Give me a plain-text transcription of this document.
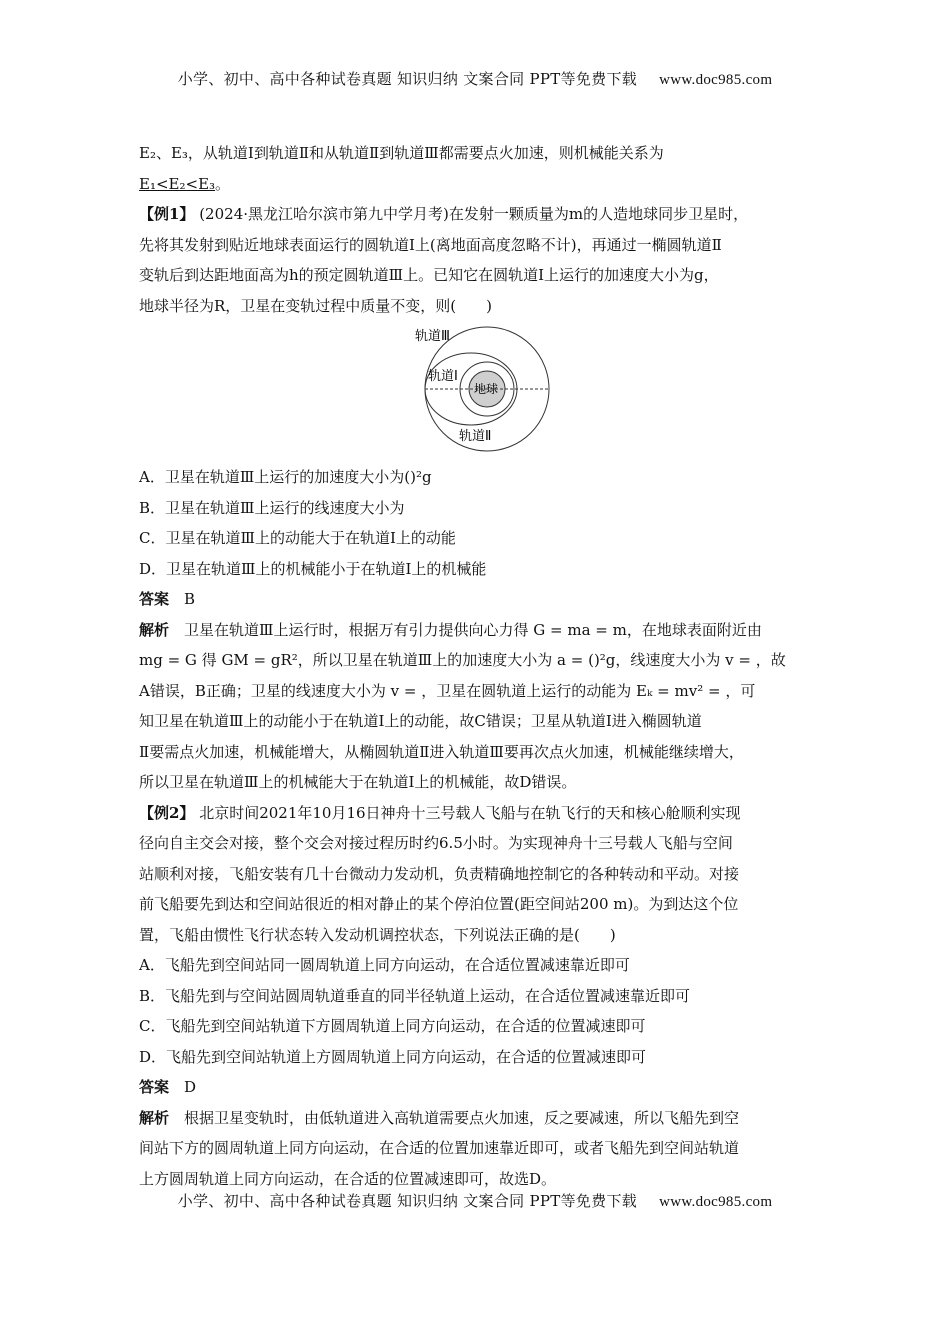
小学、初中、高中各种试卷真题 知识归纳 文案合同 PPT等免费下载 www.doc985.com

E₂、E₃，从轨道Ⅰ到轨道Ⅱ和从轨道Ⅱ到轨道Ⅲ都需要点火加速，则机械能关系为

E₁<E₂<E₃。

【例1】 (2024·黑龙江哈尔滨市第九中学月考)在发射一颗质量为m的人造地球同步卫星时，

先将其发射到贴近地球表面运行的圆轨道Ⅰ上(离地面高度忽略不计)，再通过一椭圆轨道Ⅱ

变轨后到达距地面高为h的预定圆轨道Ⅲ上。已知它在圆轨道Ⅰ上运行的加速度大小为g，

地球半径为R，卫星在变轨过程中质量不变，则(　　)

轨道Ⅲ
轨道Ⅰ
地球
轨道Ⅱ

A．卫星在轨道Ⅲ上运行的加速度大小为()²g

B．卫星在轨道Ⅲ上运行的线速度大小为

C．卫星在轨道Ⅲ上的动能大于在轨道Ⅰ上的动能

D．卫星在轨道Ⅲ上的机械能小于在轨道Ⅰ上的机械能

答案　 B

解析　 卫星在轨道Ⅲ上运行时，根据万有引力提供向心力得 G = ma = m，在地球表面附近由

mg = G 得 GM = gR²，所以卫星在轨道Ⅲ上的加速度大小为 a = ()²g，线速度大小为 v = ，故

A错误，B正确；卫星的线速度大小为 v = ，卫星在圆轨道上运行的动能为 Eₖ = mv² = ，可

知卫星在轨道Ⅲ上的动能小于在轨道Ⅰ上的动能，故C错误；卫星从轨道Ⅰ进入椭圆轨道

Ⅱ要需点火加速，机械能增大，从椭圆轨道Ⅱ进入轨道Ⅲ要再次点火加速，机械能继续增大，

所以卫星在轨道Ⅲ上的机械能大于在轨道Ⅰ上的机械能，故D错误。

【例2】 北京时间2021年10月16日神舟十三号载人飞船与在轨飞行的天和核心舱顺利实现

径向自主交会对接，整个交会对接过程历时约6.5小时。为实现神舟十三号载人飞船与空间

站顺利对接，飞船安装有几十台微动力发动机，负责精确地控制它的各种转动和平动。对接

前飞船要先到达和空间站很近的相对静止的某个停泊位置(距空间站200 m)。为到达这个位

置，飞船由惯性飞行状态转入发动机调控状态，下列说法正确的是(　　)

A．飞船先到空间站同一圆周轨道上同方向运动，在合适位置减速靠近即可

B．飞船先到与空间站圆周轨道垂直的同半径轨道上运动，在合适位置减速靠近即可

C．飞船先到空间站轨道下方圆周轨道上同方向运动，在合适的位置减速即可

D．飞船先到空间站轨道上方圆周轨道上同方向运动，在合适的位置减速即可

答案　 D

解析　 根据卫星变轨时，由低轨道进入高轨道需要点火加速，反之要减速，所以飞船先到空

间站下方的圆周轨道上同方向运动，在合适的位置加速靠近即可，或者飞船先到空间站轨道

上方圆周轨道上同方向运动，在合适的位置减速即可，故选D。

小学、初中、高中各种试卷真题 知识归纳 文案合同 PPT等免费下载 www.doc985.com
